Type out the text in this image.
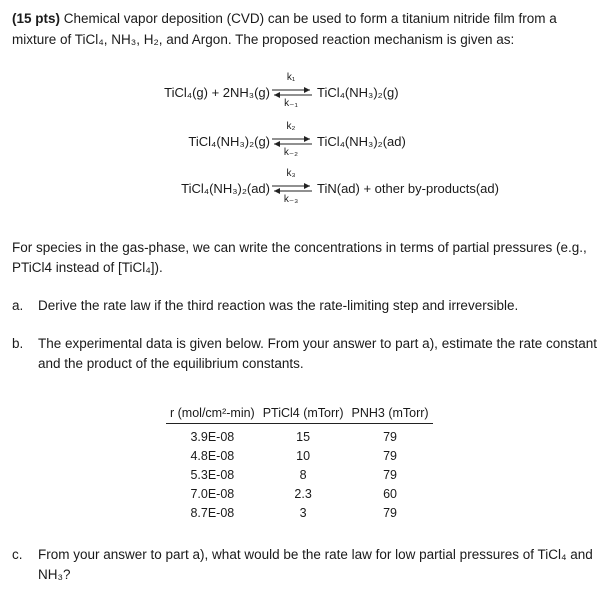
(15 pts) Chemical vapor deposition (CVD) can be used to form a titanium nitride film from a mixture of TiCl₄, NH₃, H₂, and Argon. The proposed reaction mechanism is given as:
TiCl₄(g) + 2NH₃(g)
k₁
k₋₁
TiCl₄(NH₃)₂(g)
TiCl₄(NH₃)₂(g)
k₂
k₋₂
TiCl₄(NH₃)₂(ad)
TiCl₄(NH₃)₂(ad)
k₃
k₋₃
TiN(ad) + other by-products(ad)
For species in the gas-phase, we can write the concentrations in terms of partial pressures (e.g., PTiCl4 instead of [TiCl₄]).
a.	Derive the rate law if the third reaction was the rate-limiting step and irreversible.
b.	The experimental data is given below. From your answer to part a), estimate the rate constant and the product of the equilibrium constants.
r (mol/cm²-min)	PTiCl4 (mTorr)	PNH3 (mTorr)
3.9E-08	15	79
4.8E-08	10	79
5.3E-08	8	79
7.0E-08	2.3	60
8.7E-08	3	79
c.	From your answer to part a), what would be the rate law for low partial pressures of TiCl₄ and NH₃?
